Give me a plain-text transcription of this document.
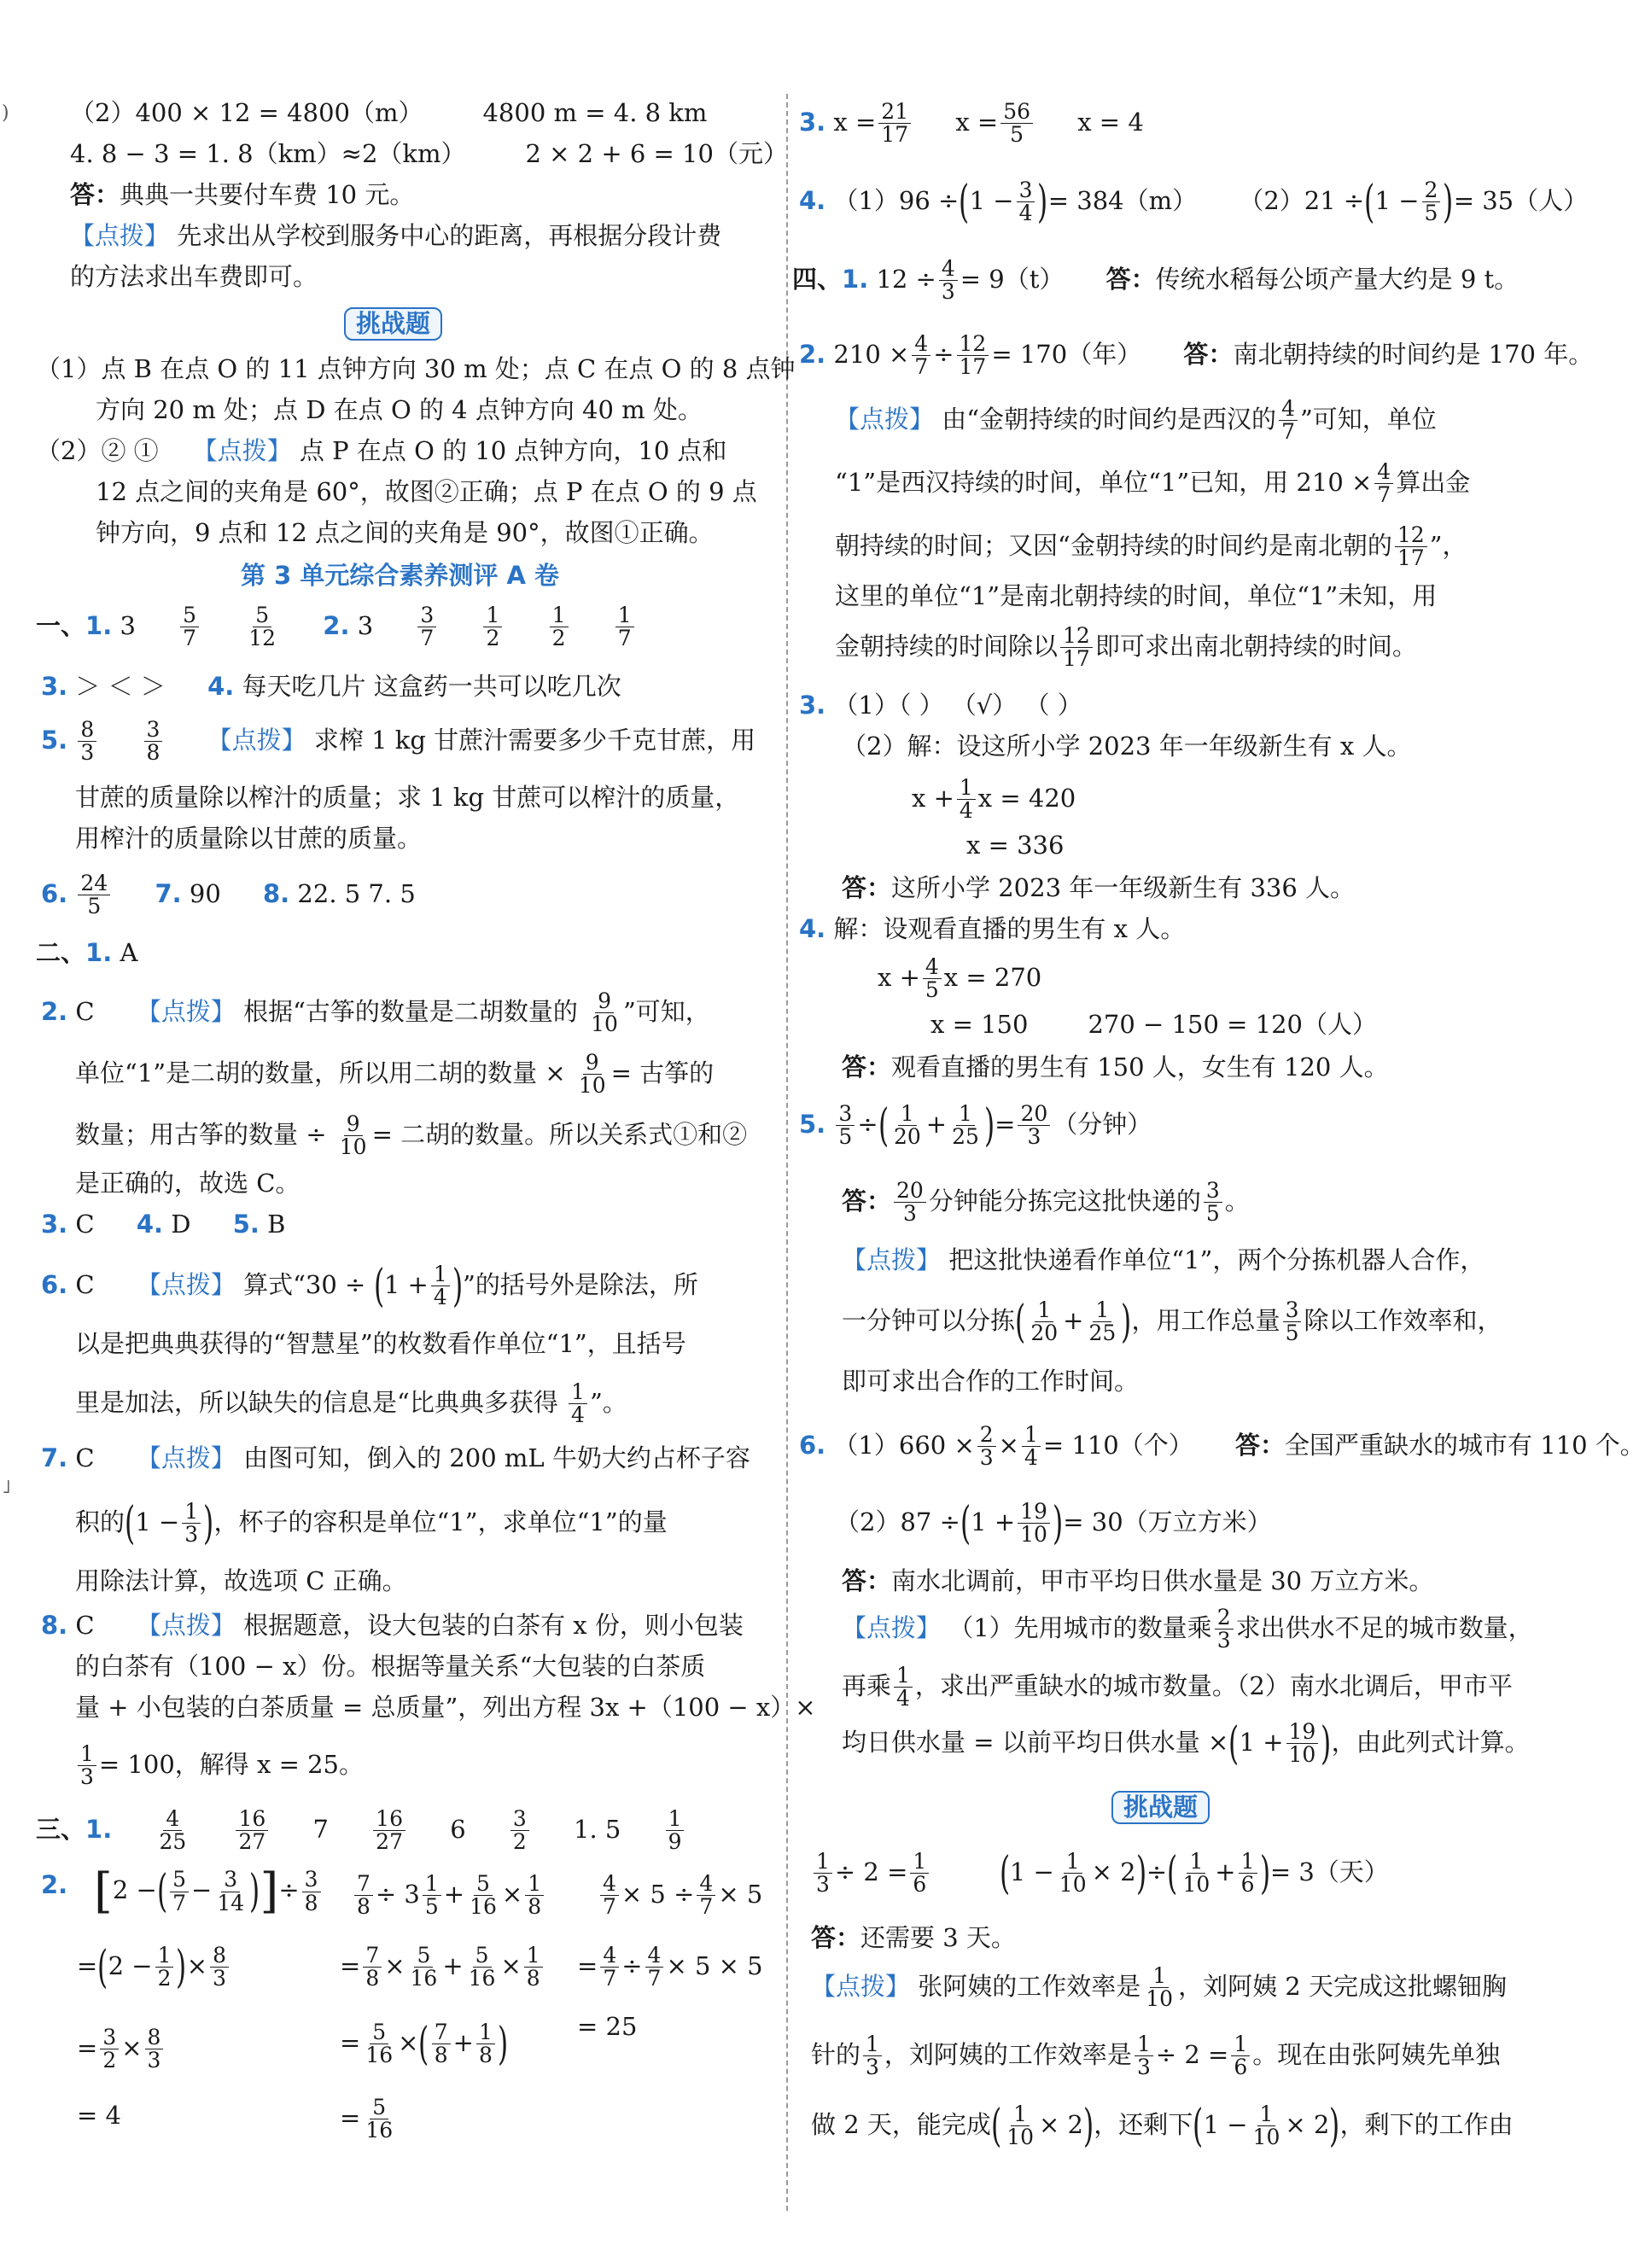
)
˩
（2）400 × 12 = 4800（m） 4800 m = 4. 8 km
4. 8 − 3 = 1. 8（km）≈2（km） 2 × 2 + 6 = 10（元）
答：典典一共要付车费 10 元。
【点拨】 先求出从学校到服务中心的距离，再根据分段计费
的方法求出车费即可。
挑战题
（1）点 B 在点 O 的 11 点钟方向 30 m 处；点 C 在点 O 的 8 点钟
方向 20 m 处；点 D 在点 O 的 4 点钟方向 40 m 处。
（2）② ① 【点拨】 点 P 在点 O 的 10 点钟方向，10 点和
12 点之间的夹角是 60°，故图②正确；点 P 在点 O 的 9 点
钟方向，9 点和 12 点之间的夹角是 90°，故图①正确。
第 3 单元综合素养测评 A 卷
一、1. $3 \frac{5}{7}$
$\frac{5}{12} 2$. $3 \frac{3}{7}$
$\frac{1}{2}$
$\frac{1}{2}$
$\frac{1}{7}$
3. ＞ ＜ ＞ 4. 每天吃几片 这盒药一共可以吃几次
5. $\frac{8}{3}$
$\frac{3}{8}$ 【点拨】 求榨 1 kg 甘蔗汁需要多少千克甘蔗，用
甘蔗的质量除以榨汁的质量；求 1 kg 甘蔗可以榨汁的质量，
用榨汁的质量除以甘蔗的质量。
6. $\frac{24}{5} 7$. 90 8. 22. 5 7. 5
二、1. A
2. C 【点拨】 根据“古筝的数量是二胡数量的 $\frac{9}{10}$ ”可知，
单位“1”是二胡的数量，所以用二胡的数量 × $\frac{9}{10}$ = 古筝的
数量；用古筝的数量 ÷ $\frac{9}{10}$ = 二胡的数量。所以关系式①和②
是正确的，故选 C。
3. C 4. D 5. B
6. C 【点拨】 算式“$30 \div (1 + \frac{1}{4}$ )”的括号外是除法，所
以是把典典获得的“智慧星”的枚数看作单位“1”，且括号
里是加法，所以缺失的信息是“比典典多获得 $\frac{1}{4}$ ”。
7. C 【点拨】 由图可知，倒入的 200 mL 牛奶大约占杯子容
积的($1 - \frac{1}{3}$ )，杯子的容积是单位“1”，求单位“1”的量
用除法计算，故选项 C 正确。
8. C 【点拨】 根据题意，设大包装的白茶有 x 份，则小包装
的白茶有（100 − x）份。根据等量关系“大包装的白茶质
量 + 小包装的白茶质量 = 总质量”，列出方程 3x +（100 − x）×
$\frac{1}{3} = 100$，解得 x = 25。
三、1. $\frac{4}{25}$
$\frac{16}{27} 7 \frac{16}{27} 6 \frac{3}{2} 1$. $5 \frac{1}{9}$
2. [2 −( $\frac{5}{7} - \frac{3}{14}$ )]÷ $\frac{3}{8}$
$=(2 - \frac{1}{2}$ )× $\frac{8}{3}$
= $\frac{3}{2} \times \frac{8}{3}$
= 4
$\frac{7}{8} \div 3 \frac{1}{5} + \frac{5}{16} \times \frac{1}{8}$
= $\frac{7}{8} \times \frac{5}{16} + \frac{5}{16} \times \frac{1}{8}$
= $\frac{5}{16}$ ×( $\frac{7}{8} + \frac{1}{8}$ )
= $\frac{5}{16}$
$\frac{4}{7} \times 5 \div \frac{4}{7} \times 5$
= $\frac{4}{7} \div \frac{4}{7} \times 5 \times 5$
= 25
3. $x = \frac{21}{17}$ $x = \frac{56}{5}$ x = 4
4. $(1)96 \div(1 - \frac{3}{4}$ )= 384（m） $(2)21 \div(1 - \frac{2}{5}$ )= 35（人）
四、1. $12 \div \frac{4}{3} = 9(t)$ 答：传统水稻每公顷产量大约是 9 t。
2. $210 \times \frac{4}{7} \div \frac{12}{17} = 170$（年） 答：南北朝持续的时间约是 170 年。
【点拨】 由“金朝持续的时间约是西汉的 $\frac{4}{7}$ ”可知，单位
“1”是西汉持续的时间，单位“1”已知，用 $210 \times \frac{4}{7}$ 算出金
朝持续的时间；又因“金朝持续的时间约是南北朝的 $\frac{12}{17}$ ”，
这里的单位“1”是南北朝持续的时间，单位“1”未知，用
金朝持续的时间除以 $\frac{12}{17}$ 即可求出南北朝持续的时间。
3. （1）（ ） （√） （ ）
（2）解：设这所小学 2023 年一年级新生有 x 人。
$x + \frac{1}{4}$ x = 420
x = 336
答：这所小学 2023 年一年级新生有 336 人。
4. 解：设观看直播的男生有 x 人。
$x + \frac{4}{5}$ x = 270
x = 150 270 − 150 = 120（人）
答：观看直播的男生有 150 人，女生有 120 人。
5. $\frac{3}{5}$ ÷( $\frac{1}{20} + \frac{1}{25}$ )= $\frac{20}{3}$ （分钟）
答： $\frac{20}{3}$ 分钟能分拣完这批快递的 $\frac{3}{5}$ 。
【点拨】 把这批快递看作单位“1”，两个分拣机器人合作，
一分钟可以分拣( $\frac{1}{20} + \frac{1}{25}$ )，用工作总量 $\frac{3}{5}$ 除以工作效率和，
即可求出合作的工作时间。
6. $(1)660 \times \frac{2}{3} \times \frac{1}{4} = 110$（个） 答：全国严重缺水的城市有 110 个。
$(2)87 \div(1 + \frac{19}{10}$ )= 30（万立方米）
答：南水北调前，甲市平均日供水量是 30 万立方米。
【点拨】 （1）先用城市的数量乘 $\frac{2}{3}$ 求出供水不足的城市数量，
再乘 $\frac{1}{4}$ ，求出严重缺水的城市数量。（2）南水北调后，甲市平
均日供水量 = 以前平均日供水量 $\times(1 + \frac{19}{10}$ )，由此列式计算。
挑战题
$\frac{1}{3} \div 2 = \frac{1}{6} (1 - \frac{1}{10} \times 2)\div( \frac{1}{10} + \frac{1}{6}$ )= 3（天）
答：还需要 3 天。
【点拨】 张阿姨的工作效率是 $\frac{1}{10}$ ，刘阿姨 2 天完成这批螺钿胸
针的 $\frac{1}{3}$ ，刘阿姨的工作效率是 $\frac{1}{3} \div 2 = \frac{1}{6}$ 。现在由张阿姨先单独
做 2 天，能完成( $\frac{1}{10} \times 2$)，还剩下$(1 - \frac{1}{10} \times 2)$，剩下的工作由
